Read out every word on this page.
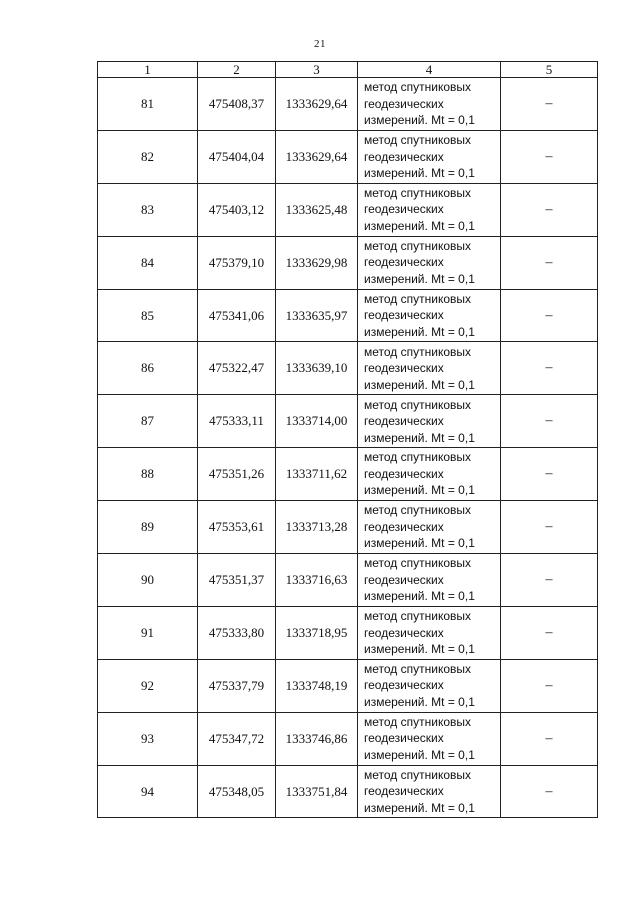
21
1	2	3	4	5
81	475408,37	1333629,64	метод спутниковых
геодезических
измерений. Mt = 0,1	–
82	475404,04	1333629,64	метод спутниковых
геодезических
измерений. Mt = 0,1	–
83	475403,12	1333625,48	метод спутниковых
геодезических
измерений. Mt = 0,1	–
84	475379,10	1333629,98	метод спутниковых
геодезических
измерений. Mt = 0,1	–
85	475341,06	1333635,97	метод спутниковых
геодезических
измерений. Mt = 0,1	–
86	475322,47	1333639,10	метод спутниковых
геодезических
измерений. Mt = 0,1	–
87	475333,11	1333714,00	метод спутниковых
геодезических
измерений. Mt = 0,1	–
88	475351,26	1333711,62	метод спутниковых
геодезических
измерений. Mt = 0,1	–
89	475353,61	1333713,28	метод спутниковых
геодезических
измерений. Mt = 0,1	–
90	475351,37	1333716,63	метод спутниковых
геодезических
измерений. Mt = 0,1	–
91	475333,80	1333718,95	метод спутниковых
геодезических
измерений. Mt = 0,1	–
92	475337,79	1333748,19	метод спутниковых
геодезических
измерений. Mt = 0,1	–
93	475347,72	1333746,86	метод спутниковых
геодезических
измерений. Mt = 0,1	–
94	475348,05	1333751,84	метод спутниковых
геодезических
измерений. Mt = 0,1	–
